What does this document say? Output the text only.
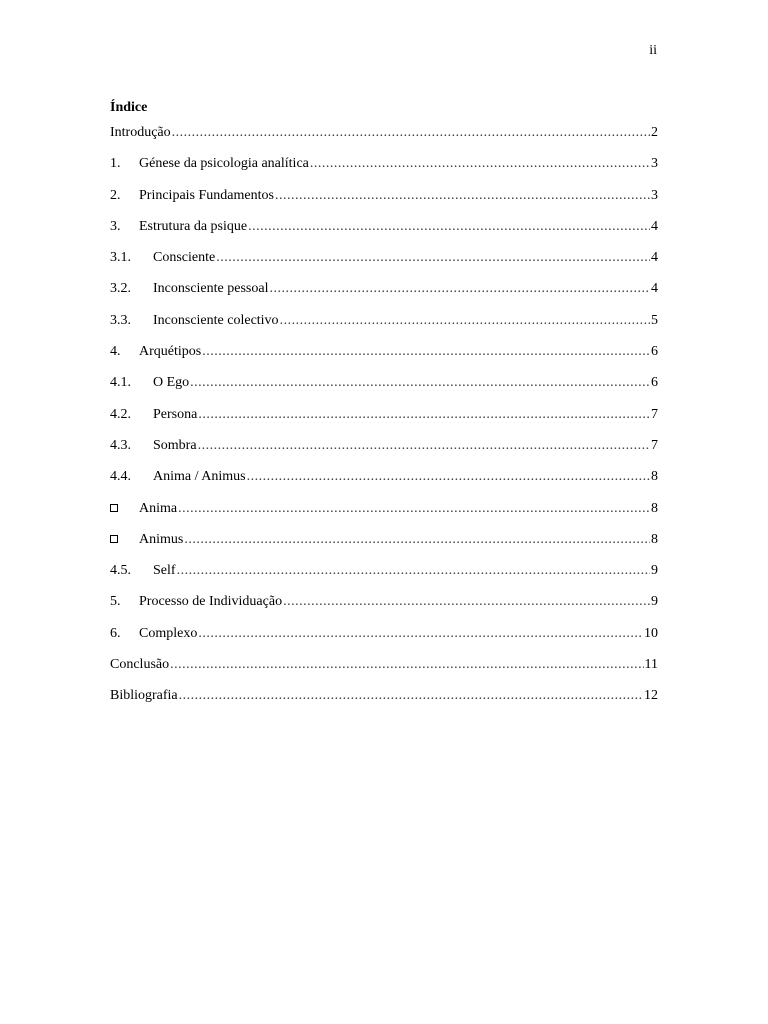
ii
Índice
Introdução .....	2
1.	Génese da psicologia analítica .....	3
2.	Principais Fundamentos .....	3
3.	Estrutura da psique .....	4
3.1.	Consciente .....	4
3.2.	Inconsciente pessoal .....	4
3.3.	Inconsciente colectivo .....	5
4.	Arquétipos .....	6
4.1.	O Ego .....	6
4.2.	Persona .....	7
4.3.	Sombra .....	7
4.4.	Anima / Animus .....	8
Anima .....	8
Animus .....	8
4.5.	Self .....	9
5.	Processo de Individuação .....	9
6.	Complexo .....	10
Conclusão .....	11
Bibliografia .....	12
